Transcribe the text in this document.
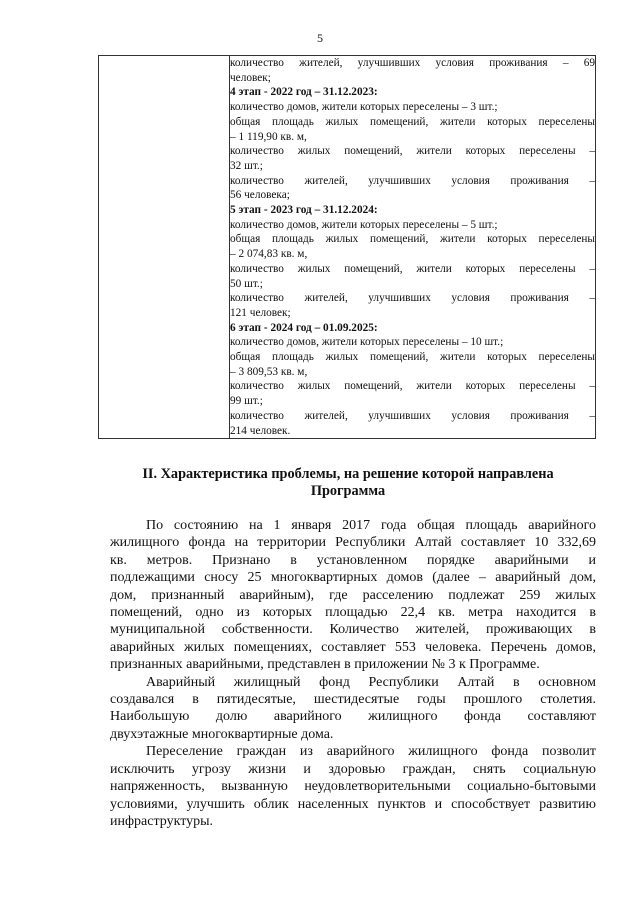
5

количество жителей, улучшивших условия проживания – 69
человек;
4 этап - 2022 год – 31.12.2023:
количество домов, жители которых переселены – 3 шт.;
общая площадь жилых помещений, жители которых переселены
– 1 119,90 кв. м,
количество жилых помещений, жители которых переселены –
32 шт.;
количество жителей, улучшивших условия проживания –
56 человека;
5 этап - 2023 год – 31.12.2024:
количество домов, жители которых переселены – 5 шт.;
общая площадь жилых помещений, жители которых переселены
– 2 074,83 кв. м,
количество жилых помещений, жители которых переселены –
50 шт.;
количество жителей, улучшивших условия проживания –
121 человек;
6 этап - 2024 год – 01.09.2025:
количество домов, жители которых переселены – 10 шт.;
общая площадь жилых помещений, жители которых переселены
– 3 809,53 кв. м,
количество жилых помещений, жители которых переселены –
99 шт.;
количество жителей, улучшивших условия проживания –
214 человек.
II. Характеристика проблемы, на решение которой направлена
Программа
По состоянию на 1 января 2017 года общая площадь аварийного
жилищного фонда на территории Республики Алтай составляет 10 332,69
кв. метров. Признано в установленном порядке аварийными и
подлежащими сносу 25 многоквартирных домов (далее – аварийный дом,
дом, признанный аварийным), где расселению подлежат 259 жилых
помещений, одно из которых площадью 22,4 кв. метра находится в
муниципальной собственности. Количество жителей, проживающих в
аварийных жилых помещениях, составляет 553 человека. Перечень домов,
признанных аварийными, представлен в приложении № 3 к Программе.
Аварийный жилищный фонд Республики Алтай в основном
создавался в пятидесятые, шестидесятые годы прошлого столетия.
Наибольшую долю аварийного жилищного фонда составляют
двухэтажные многоквартирные дома.
Переселение граждан из аварийного жилищного фонда позволит
исключить угрозу жизни и здоровью граждан, снять социальную
напряженность, вызванную неудовлетворительными социально-бытовыми
условиями, улучшить облик населенных пунктов и способствует развитию
инфраструктуры.
